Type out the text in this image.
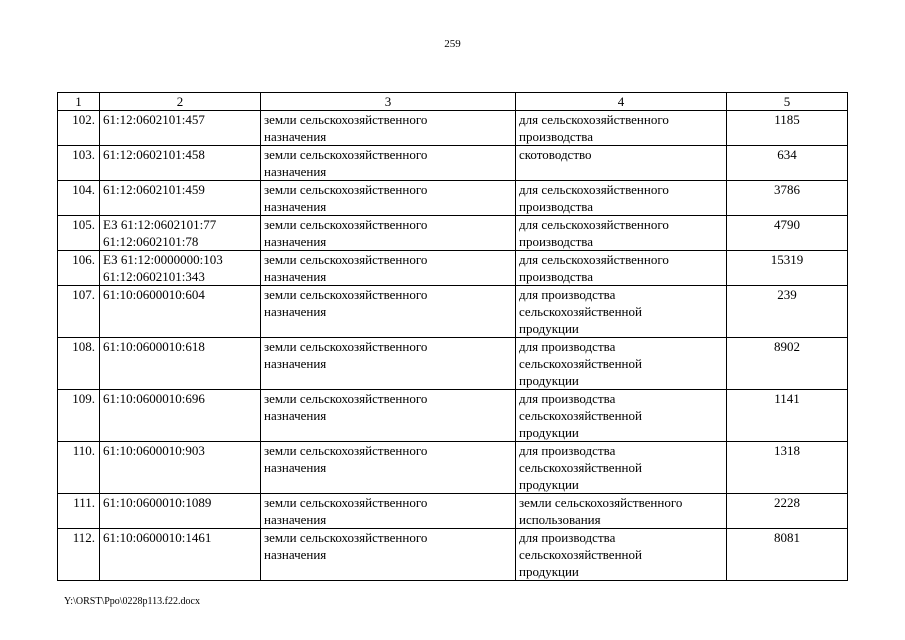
259
1	2	3	4	5
102.	61:12:0602101:457	земли сельскохозяйственного
назначения	для сельскохозяйственного
производства	1185
103.	61:12:0602101:458	земли сельскохозяйственного
назначения	скотоводство	634
104.	61:12:0602101:459	земли сельскохозяйственного
назначения	для сельскохозяйственного
производства	3786
105.	ЕЗ 61:12:0602101:77
61:12:0602101:78	земли сельскохозяйственного
назначения	для сельскохозяйственного
производства	4790
106.	ЕЗ 61:12:0000000:103
61:12:0602101:343	земли сельскохозяйственного
назначения	для сельскохозяйственного
производства	15319
107.	61:10:0600010:604	земли сельскохозяйственного
назначения	для производства
сельскохозяйственной
продукции	239
108.	61:10:0600010:618	земли сельскохозяйственного
назначения	для производства
сельскохозяйственной
продукции	8902
109.	61:10:0600010:696	земли сельскохозяйственного
назначения	для производства
сельскохозяйственной
продукции	1141
110.	61:10:0600010:903	земли сельскохозяйственного
назначения	для производства
сельскохозяйственной
продукции	1318
111.	61:10:0600010:1089	земли сельскохозяйственного
назначения	земли сельскохозяйственного
использования	2228
112.	61:10:0600010:1461	земли сельскохозяйственного
назначения	для производства
сельскохозяйственной
продукции	8081
Y:\ORST\Ppo\0228p113.f22.docx
